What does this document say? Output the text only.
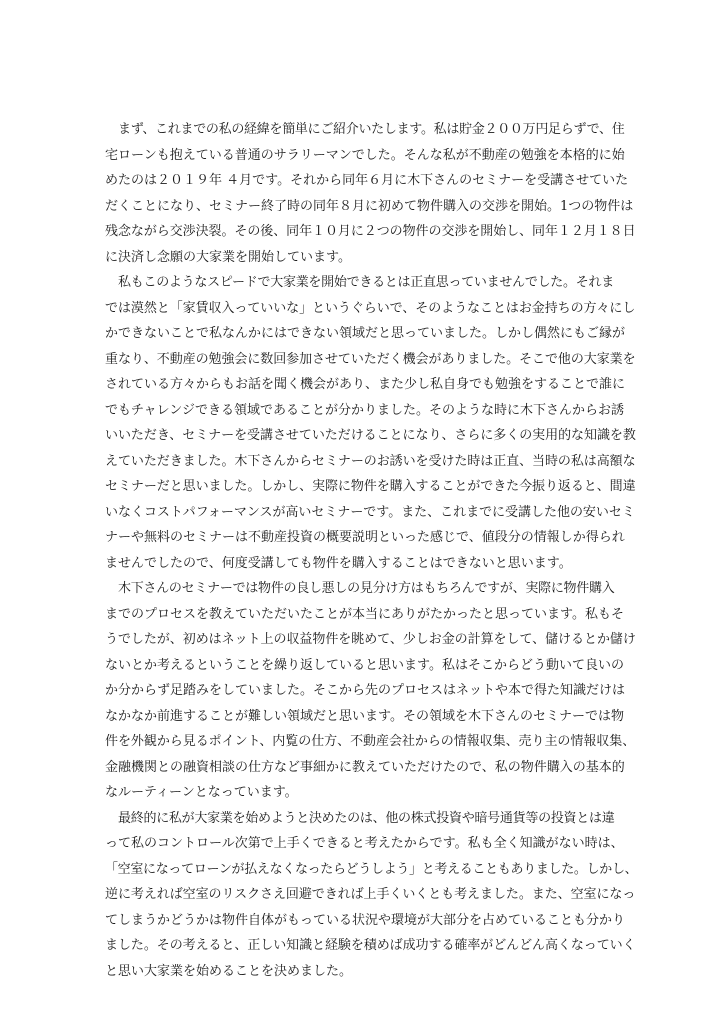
まず、これまでの私の経緯を簡単にご紹介いたします。私は貯金２００万円足らずで、住
宅ローンも抱えている普通のサラリーマンでした。そんな私が不動産の勉強を本格的に始
めたのは２０１９年 ４月です。それから同年６月に木下さんのセミナーを受講させていた
だくことになり、セミナー終了時の同年８月に初めて物件購入の交渉を開始。1つの物件は
残念ながら交渉決裂。その後、同年１０月に２つの物件の交渉を開始し、同年１２月１８日
に決済し念願の大家業を開始しています。

私もこのようなスピードで大家業を開始できるとは正直思っていませんでした。それま
では漠然と「家賃収入っていいな」というぐらいで、そのようなことはお金持ちの方々にし
かできないことで私なんかにはできない領域だと思っていました。しかし偶然にもご縁が
重なり、不動産の勉強会に数回参加させていただく機会がありました。そこで他の大家業を
されている方々からもお話を聞く機会があり、また少し私自身でも勉強をすることで誰に
でもチャレンジできる領域であることが分かりました。そのような時に木下さんからお誘
いいただき、セミナーを受講させていただけることになり、さらに多くの実用的な知識を教
えていただきました。木下さんからセミナーのお誘いを受けた時は正直、当時の私は高額な
セミナーだと思いました。しかし、実際に物件を購入することができた今振り返ると、間違
いなくコストパフォーマンスが高いセミナーです。また、これまでに受講した他の安いセミ
ナーや無料のセミナーは不動産投資の概要説明といった感じで、値段分の情報しか得られ
ませんでしたので、何度受講しても物件を購入することはできないと思います。

木下さんのセミナーでは物件の良し悪しの見分け方はもちろんですが、実際に物件購入
までのプロセスを教えていただいたことが本当にありがたかったと思っています。私もそ
うでしたが、初めはネット上の収益物件を眺めて、少しお金の計算をして、儲けるとか儲け
ないとか考えるということを繰り返していると思います。私はそこからどう動いて良いの
か分からず足踏みをしていました。そこから先のプロセスはネットや本で得た知識だけは
なかなか前進することが難しい領域だと思います。その領域を木下さんのセミナーでは物
件を外観から見るポイント、内覧の仕方、不動産会社からの情報収集、売り主の情報収集、
金融機関との融資相談の仕方など事細かに教えていただけたので、私の物件購入の基本的
なルーティーンとなっています。

最終的に私が大家業を始めようと決めたのは、他の株式投資や暗号通貨等の投資とは違
って私のコントロール次第で上手くできると考えたからです。私も全く知識がない時は、
「空室になってローンが払えなくなったらどうしよう」と考えることもありました。しかし、
逆に考えれば空室のリスクさえ回避できれば上手くいくとも考えました。また、空室になっ
てしまうかどうかは物件自体がもっている状況や環境が大部分を占めていることも分かり
ました。その考えると、正しい知識と経験を積めば成功する確率がどんどん高くなっていく
と思い大家業を始めることを決めました。
